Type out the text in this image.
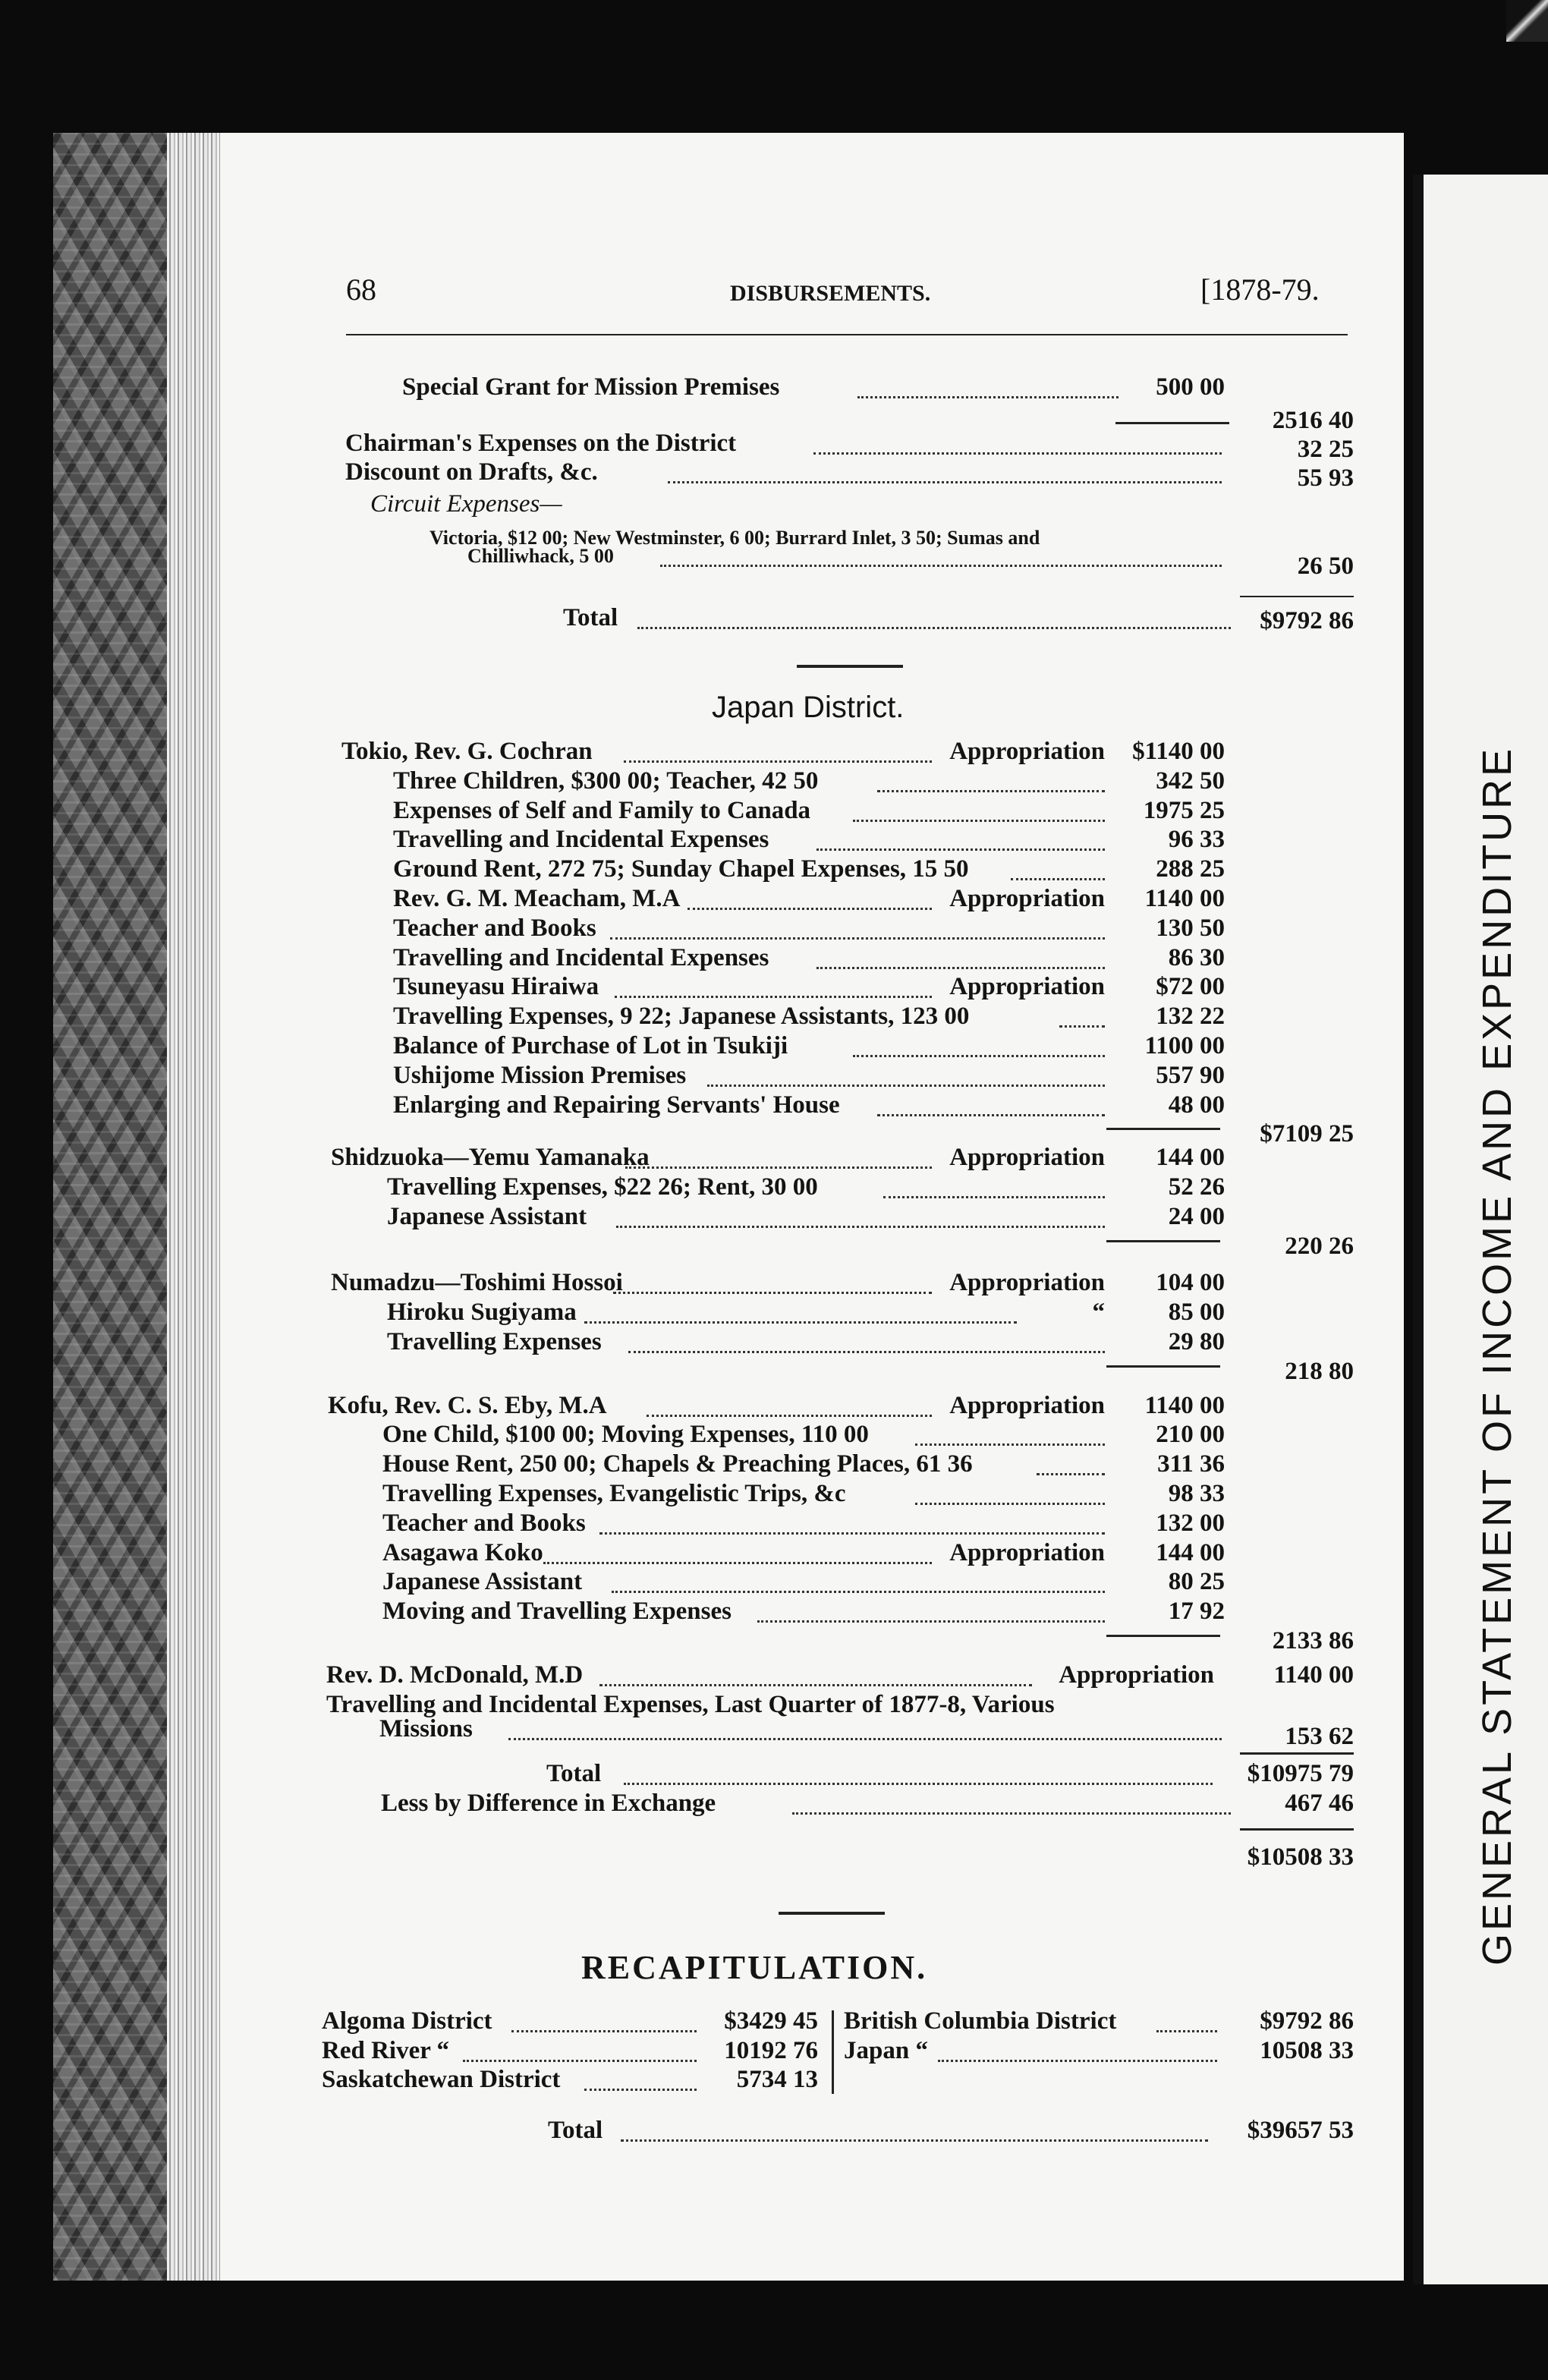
GENERAL STATEMENT OF INCOME AND EXPENDITURE
68	DISBURSEMENTS.	[1878-79.
Special Grant for Mission Premises	500 00
2516 40
Chairman's Expenses on the District	32 25
Discount on Drafts, &c.	55 93
Circuit Expenses—
Victoria, $12 00; New Westminster, 6 00; Burrard Inlet, 3 50; Sumas and
Chilliwhack, 5 00	26 50
Total	$9792 86
Japan District.
Tokio, Rev. G. Cochran	Appropriation $1140 00
Three Children, $300 00; Teacher, 42 50	342 50
Expenses of Self and Family to Canada	1975 25
Travelling and Incidental Expenses	96 33
Ground Rent, 272 75; Sunday Chapel Expenses, 15 50	288 25
Rev. G. M. Meacham, M.A	Appropriation 1140 00
Teacher and Books	130 50
Travelling and Incidental Expenses	86 30
Tsuneyasu Hiraiwa	Appropriation $72 00
Travelling Expenses, 9 22; Japanese Assistants, 123 00	132 22
Balance of Purchase of Lot in Tsukiji	1100 00
Ushijome Mission Premises	557 90
Enlarging and Repairing Servants' House	48 00
$7109 25
Shidzuoka—Yemu Yamanaka	Appropriation 144 00
Travelling Expenses, $22 26; Rent, 30 00	52 26
Japanese Assistant	24 00
220 26
Numadzu—Toshimi Hossoi	Appropriation 104 00
Hiroku Sugiyama	“	85 00
Travelling Expenses	29 80
218 80
Kofu, Rev. C. S. Eby, M.A	Appropriation 1140 00
One Child, $100 00; Moving Expenses, 110 00	210 00
House Rent, 250 00; Chapels & Preaching Places, 61 36	311 36
Travelling Expenses, Evangelistic Trips, &c	98 33
Teacher and Books	132 00
Asagawa Koko	Appropriation 144 00
Japanese Assistant	80 25
Moving and Travelling Expenses	17 92
2133 86
Rev. D. McDonald, M.D	Appropriation 1140 00
Travelling and Incidental Expenses, Last Quarter of 1877-8, Various
Missions	153 62
Total	$10975 79
Less by Difference in Exchange	467 46
$10508 33
RECAPITULATION.
Algoma District	$3429 45
Red River “	10192 76
Saskatchewan District	5734 13
British Columbia District	$9792 86
Japan “	10508 33
Total	$39657 53
